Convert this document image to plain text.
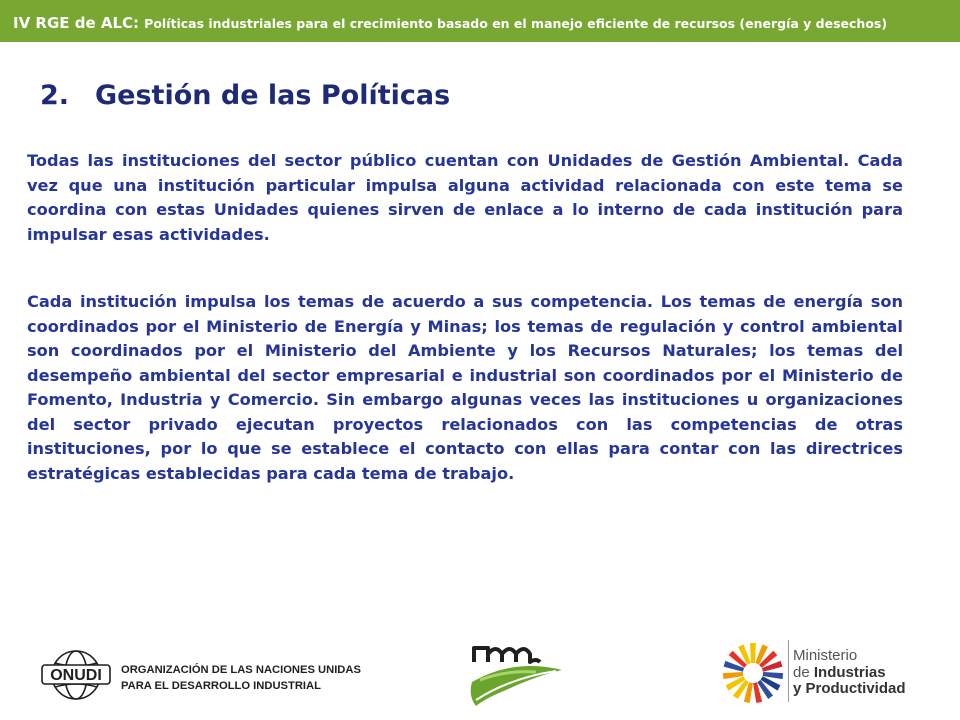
IV RGE de ALC: Políticas industriales para el crecimiento basado en el manejo eficiente de recursos (energía y desechos)
2. Gestión de las Políticas

Todas las instituciones del sector público cuentan con Unidades de Gestión Ambiental. Cada vez que una institución particular impulsa alguna actividad relacionada con este tema se coordina con estas Unidades quienes sirven de enlace a lo interno de cada institución para impulsar esas actividades.

Cada institución impulsa los temas de acuerdo a sus competencia. Los temas de energía son coordinados por el Ministerio de Energía y Minas; los temas de regulación y control ambiental son coordinados por el Ministerio del Ambiente y los Recursos Naturales; los temas del desempeño ambiental del sector empresarial e industrial son coordinados por el Ministerio de Fomento, Industria y Comercio. Sin embargo algunas veces las instituciones u organizaciones del sector privado ejecutan proyectos relacionados con las competencias de otras instituciones, por lo que se establece el contacto con ellas para contar con las directrices estratégicas establecidas para cada tema de trabajo.

ONUDI ORGANIZACIÓN DE LAS NACIONES UNIDAS
PARA EL DESARROLLO INDUSTRIAL
Ministerio
de Industrias
y Productividad
